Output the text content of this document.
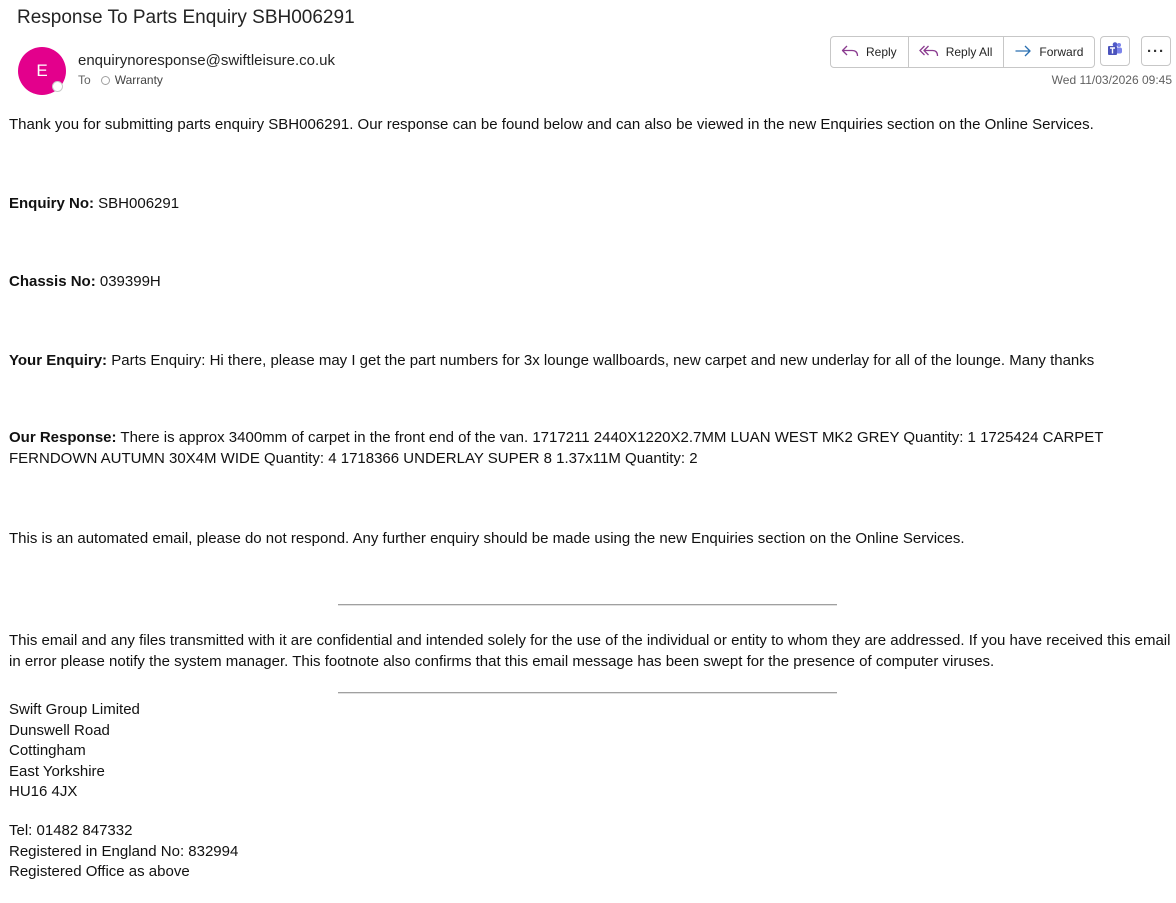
Response To Parts Enquiry SBH006291
E
enquirynoresponse@swiftleisure.co.uk
To Warranty
Reply	Reply All	Forward	···
Wed 11/03/2026 09:45
Thank you for submitting parts enquiry SBH006291. Our response can be found below and can also be viewed in the new Enquiries section on the Online Services.
Enquiry No: SBH006291
Chassis No: 039399H
Your Enquiry: Parts Enquiry: Hi there, please may I get the part numbers for 3x lounge wallboards, new carpet and new underlay for all of the lounge. Many thanks
Our Response: There is approx 3400mm of carpet in the front end of the van. 1717211 2440X1220X2.7MM LUAN WEST MK2 GREY Quantity: 1 1725424 CARPET FERNDOWN AUTUMN 30X4M WIDE Quantity: 4 1718366 UNDERLAY SUPER 8 1.37x11M Quantity: 2
This is an automated email, please do not respond. Any further enquiry should be made using the new Enquiries section on the Online Services.
This email and any files transmitted with it are confidential and intended solely for the use of the individual or entity to whom they are addressed. If you have received this email in error please notify the system manager. This footnote also confirms that this email message has been swept for the presence of computer viruses.
Swift Group Limited
Dunswell Road
Cottingham
East Yorkshire
HU16 4JX
Tel: 01482 847332
Registered in England No: 832994
Registered Office as above
